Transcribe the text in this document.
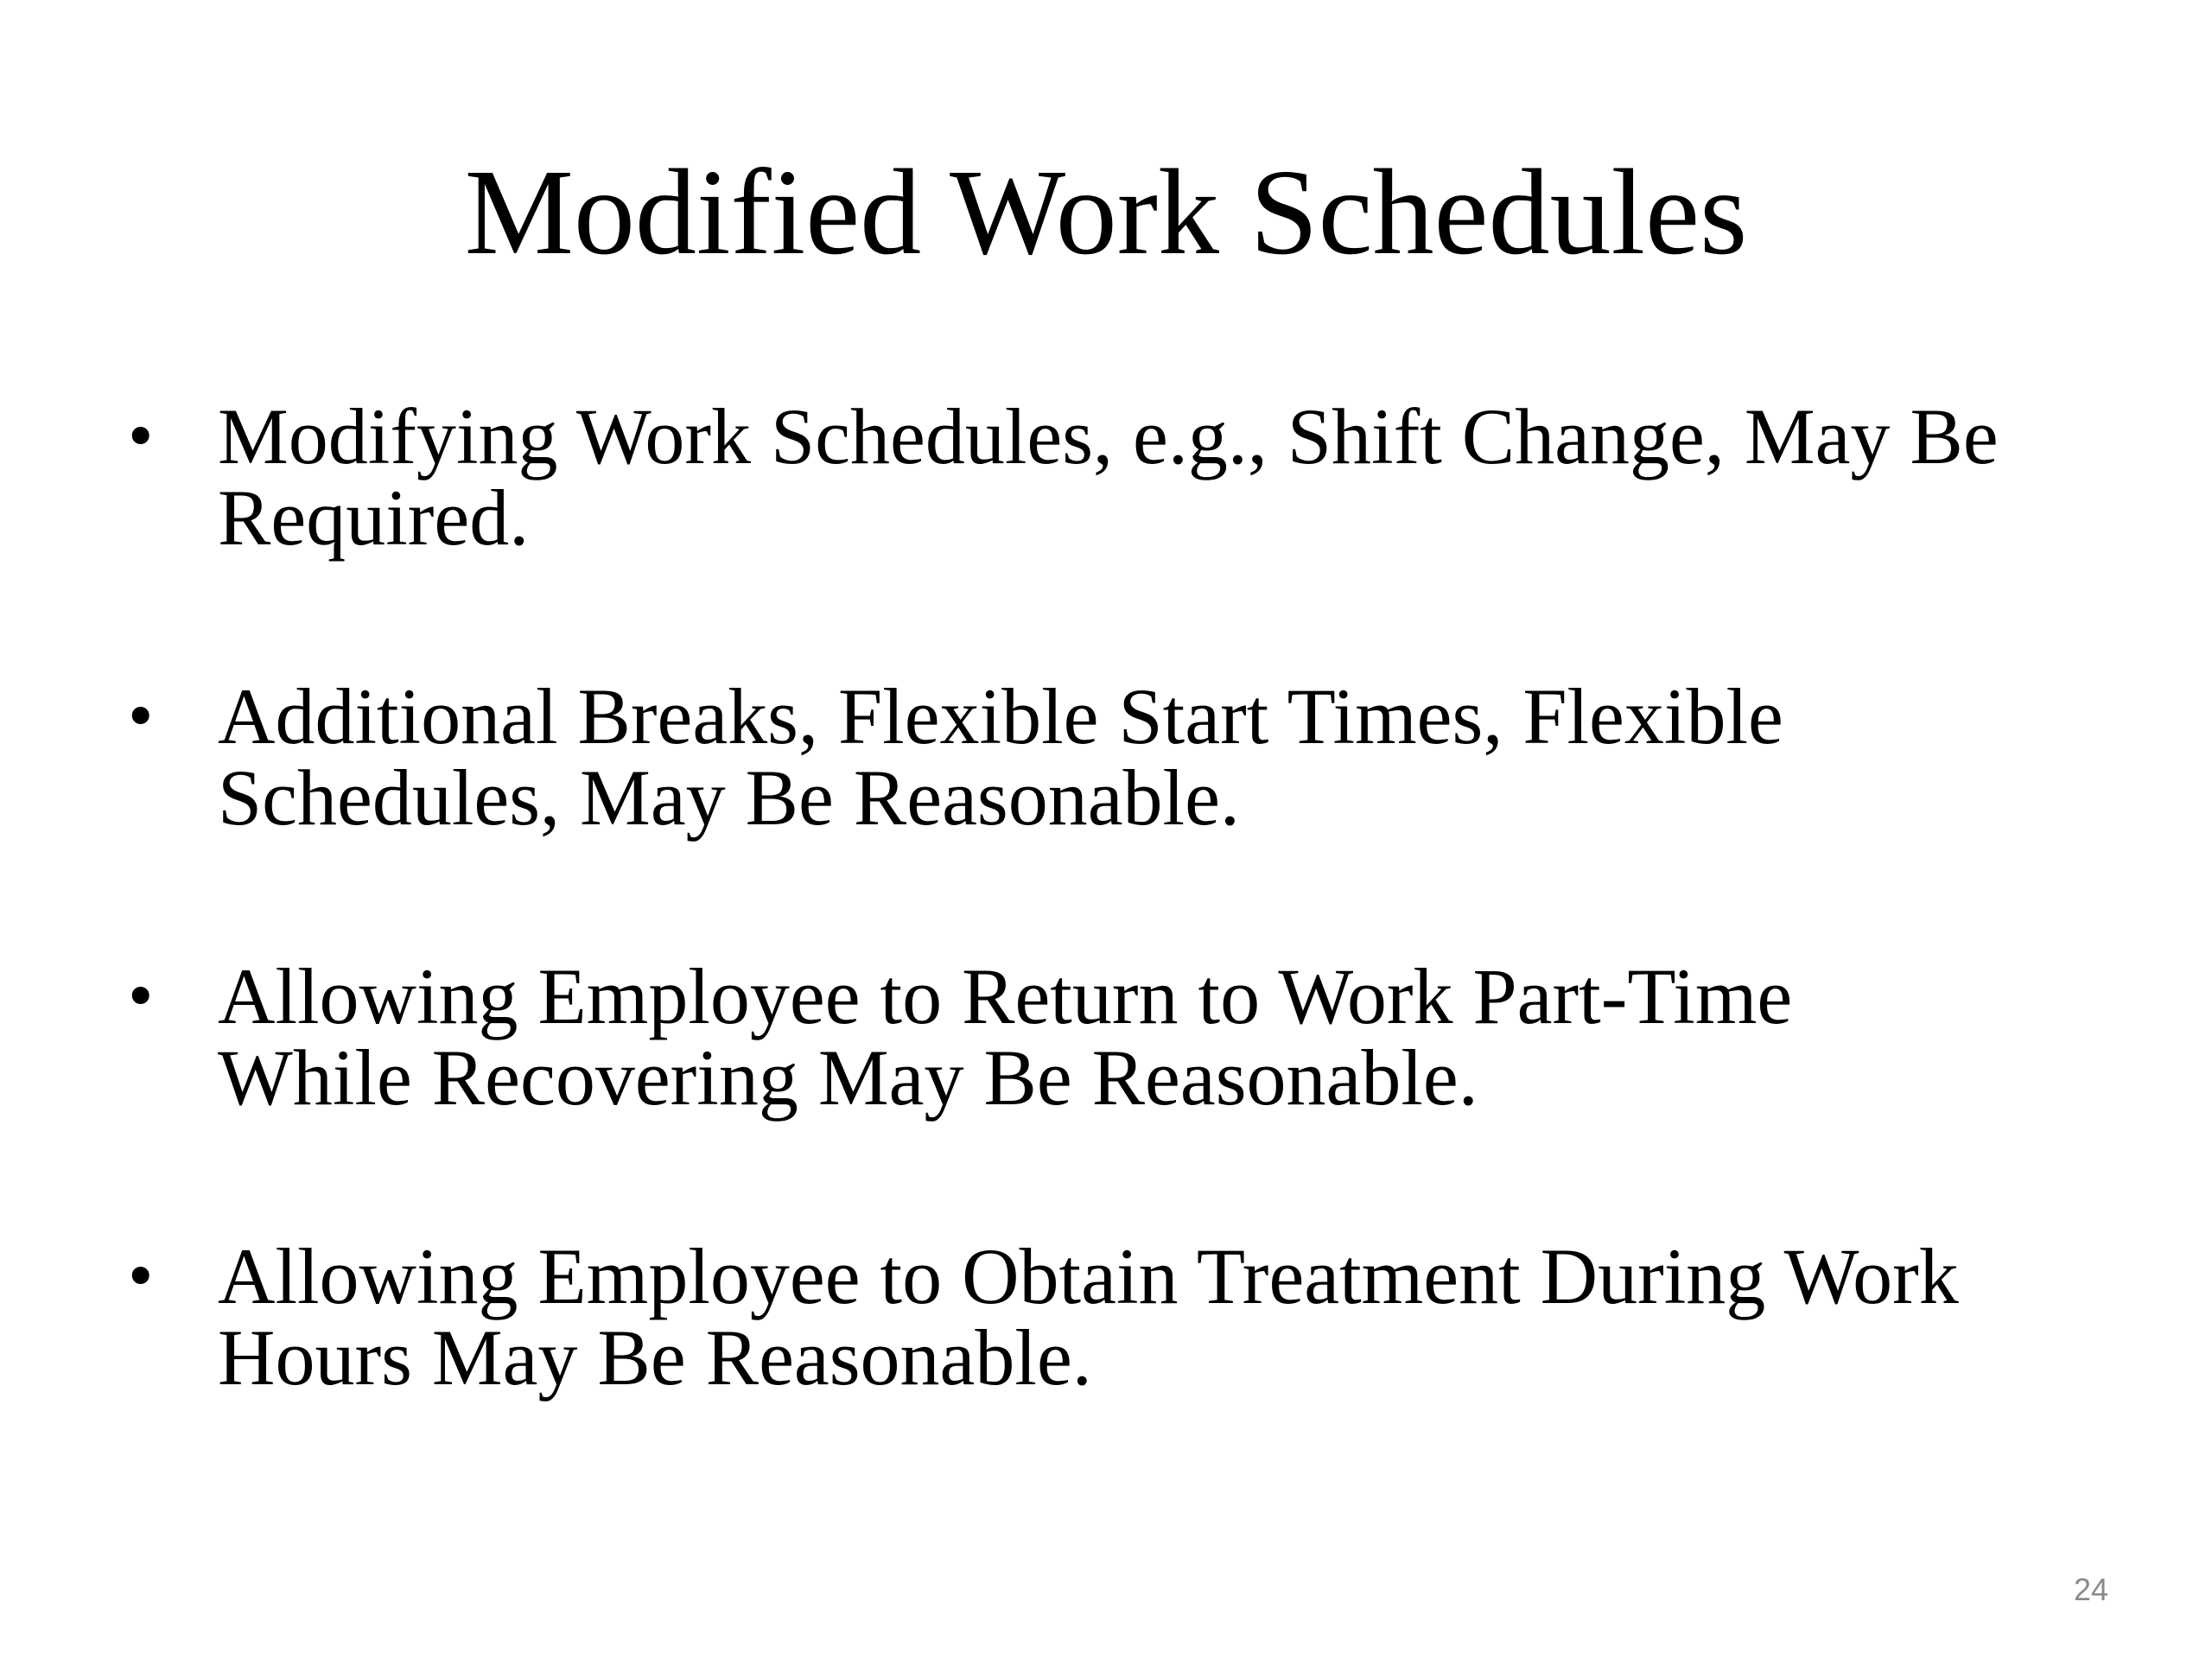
Modified Work Schedules
• Modifying Work Schedules, e.g., Shift Change, May Be
Required.
• Additional Breaks, Flexible Start Times, Flexible
Schedules, May Be Reasonable.
• Allowing Employee to Return to Work Part-Time
While Recovering May Be Reasonable.
• Allowing Employee to Obtain Treatment During Work
Hours May Be Reasonable.
24
